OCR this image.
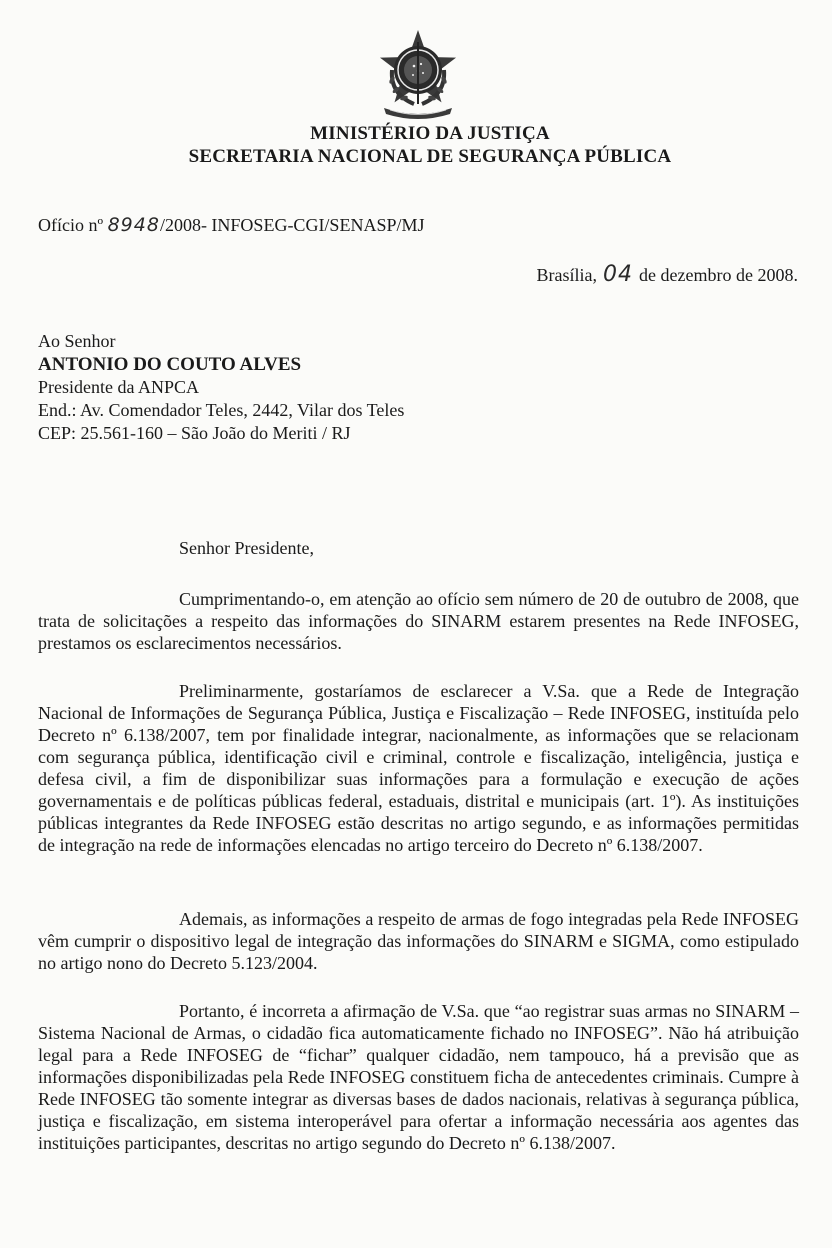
MINISTÉRIO DA JUSTIÇA
SECRETARIA NACIONAL DE SEGURANÇA PÚBLICA
Ofício nº 8948/2008- INFOSEG-CGI/SENASP/MJ
Brasília, 04 de dezembro de 2008.
Ao Senhor
ANTONIO DO COUTO ALVES
Presidente da ANPCA
End.: Av. Comendador Teles, 2442, Vilar dos Teles
CEP: 25.561-160 – São João do Meriti / RJ
Senhor Presidente,

Cumprimentando-o, em atenção ao ofício sem número de 20 de outubro de 2008, que trata de solicitações a respeito das informações do SINARM estarem presentes na Rede INFOSEG, prestamos os esclarecimentos necessários.

Preliminarmente, gostaríamos de esclarecer a V.Sa. que a Rede de Integração Nacional de Informações de Segurança Pública, Justiça e Fiscalização – Rede INFOSEG, instituída pelo Decreto nº 6.138/2007, tem por finalidade integrar, nacionalmente, as informações que se relacionam com segurança pública, identificação civil e criminal, controle e fiscalização, inteligência, justiça e defesa civil, a fim de disponibilizar suas informações para a formulação e execução de ações governamentais e de políticas públicas federal, estaduais, distrital e municipais (art. 1º). As instituições públicas integrantes da Rede INFOSEG estão descritas no artigo segundo, e as informações permitidas de integração na rede de informações elencadas no artigo terceiro do Decreto nº 6.138/2007.

Ademais, as informações a respeito de armas de fogo integradas pela Rede INFOSEG vêm cumprir o dispositivo legal de integração das informações do SINARM e SIGMA, como estipulado no artigo nono do Decreto 5.123/2004.

Portanto, é incorreta a afirmação de V.Sa. que “ao registrar suas armas no SINARM – Sistema Nacional de Armas, o cidadão fica automaticamente fichado no INFOSEG”. Não há atribuição legal para a Rede INFOSEG de “fichar” qualquer cidadão, nem tampouco, há a previsão que as informações disponibilizadas pela Rede INFOSEG constituem ficha de antecedentes criminais. Cumpre à Rede INFOSEG tão somente integrar as diversas bases de dados nacionais, relativas à segurança pública, justiça e fiscalização, em sistema interoperável para ofertar a informação necessária aos agentes das instituições participantes, descritas no artigo segundo do Decreto nº 6.138/2007.
